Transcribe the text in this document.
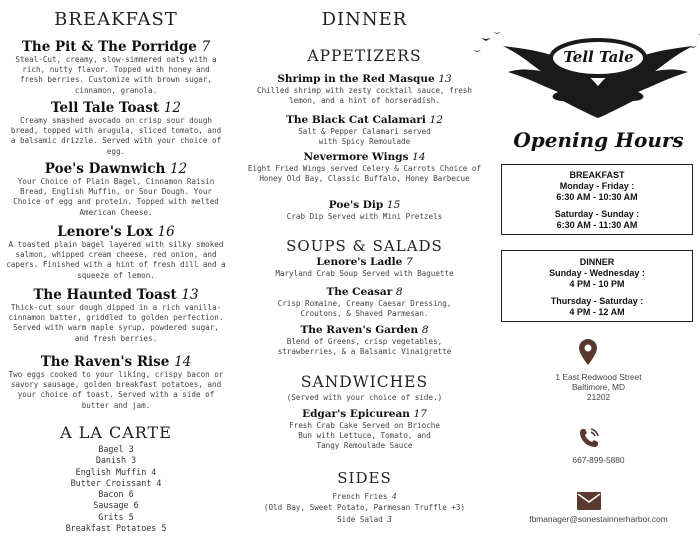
BREAKFAST
The Pit & The Porridge 7
Steal-Cut, creamy, slow-simmered oats with a rich, nutty flavor. Topped with honey and fresh berries. Customize with brown sugar, cinnamon, granola.
Tell Tale Toast 12
Creamy smashed avocado on crisp sour dough bread, topped with arugula, sliced tomato, and a balsamic drizzle. Served with your choice of egg.
Poe's Dawnwich 12
Your Choice of Plain Bagel, Cinnamon Raisin Bread, English Muffin, or Sour Dough. Your Choice of egg and protein. Topped with melted American Cheese.
Lenore's Lox 16
A toasted plain bagel layered with silky smoked salmon, whipped cream cheese, red onion, and capers. Finished with a hint of fresh dill and a squeeze of lemon.
The Haunted Toast 13
Thick-cut sour dough dipped in a rich vanilla-cinnamon batter, griddled to golden perfection. Served with warm maple syrup, powdered sugar, and fresh berries.
The Raven's Rise 14
Two eggs cooked to your liking, crispy bacon or savory sausage, golden breakfast potatoes, and your choice of toast. Served with a side of butter and jam.
A LA CARTE
Bagel 3
Danish 3
English Muffin 4
Butter Croissant 4
Bacon 6
Sausage 6
Grits 5
Breakfast Potatoes 5
DINNER
APPETIZERS
Shrimp in the Red Masque 13
Chilled shrimp with zesty cocktail sauce, fresh lemon, and a hint of horseradish.
The Black Cat Calamari 12
Salt & Pepper Calamari served with Spicy Remoulade
Nevermore Wings 14
Eight Fried Wings served Celery & Carrots Choice of Honey Old Bay, Classic Buffalo, Honey Barbecue
Poe's Dip 15
Crab Dip Served with Mini Pretzels
SOUPS & SALADS
Lenore's Ladle 7
Maryland Crab Soup Served with Baguette
The Ceasar 8
Crisp Romaine, Creamy Caesar Dressing, Croutons, & Shaved Parmesan.
The Raven's Garden 8
Blend of Greens, crisp vegetables, strawberries, & a Balsamic Vinaigrette
SANDWICHES
(Served with your choice of side.)
Edgar's Epicurean 17
Fresh Crab Cake Served on Brioche Bun with Lettuce, Tomato, and Tangy Remoulade Sauce
SIDES
French Fries 4
(Old Bay, Sweet Potato, Parmesan Truffle +3)
Side Salad 3
Tell Tale
Opening Hours
BREAKFAST
Monday - Friday :
6:30 AM - 10:30 AM
Saturday - Sunday :
6:30 AM - 11:30 AM
DINNER
Sunday - Wednesday :
4 PM - 10 PM
Thursday - Saturday :
4 PM - 12 AM
1 East Redwood Street
Baltimore, MD
21202
667-899-5880
fbmanager@sonestainnerharbor.com
